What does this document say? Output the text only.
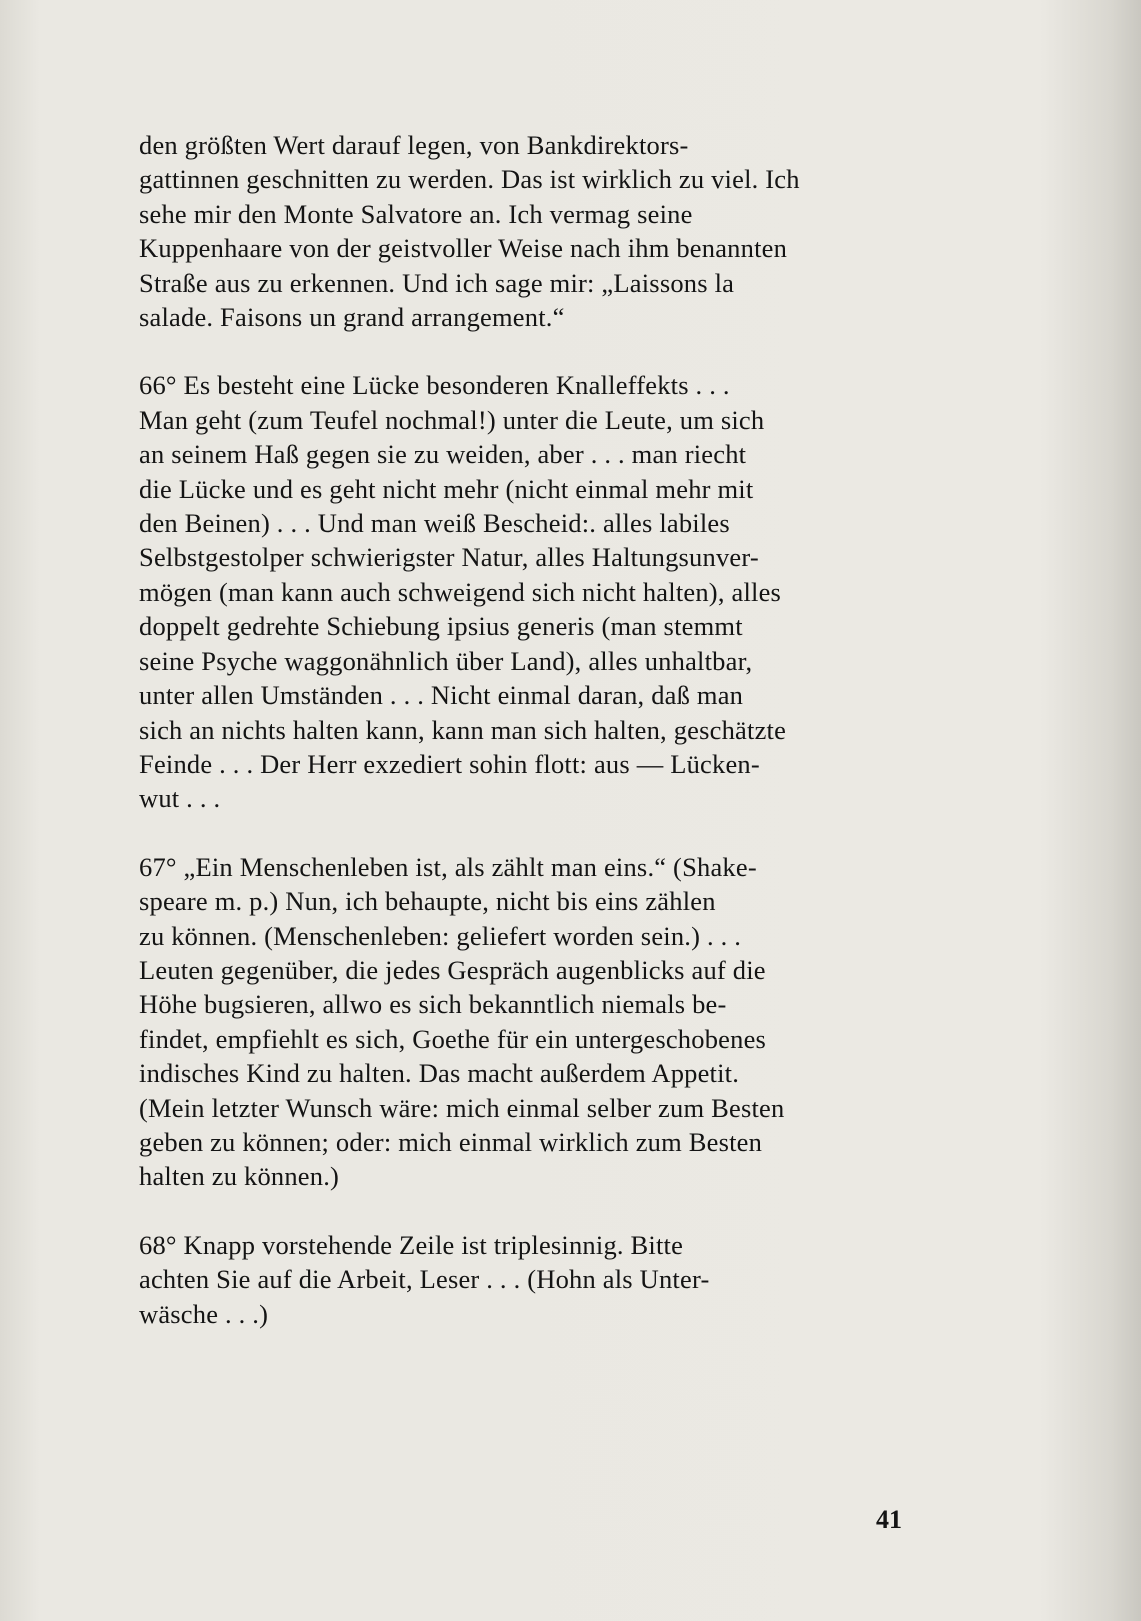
den größten Wert darauf legen, von Bankdirektors-
gattinnen geschnitten zu werden. Das ist wirklich zu viel. Ich
sehe mir den Monte Salvatore an. Ich vermag seine
Kuppenhaare von der geistvoller Weise nach ihm benannten
Straße aus zu erkennen. Und ich sage mir: „Laissons la
salade. Faisons un grand arrangement.“

66° Es besteht eine Lücke besonderen Knalleffekts . . .
Man geht (zum Teufel nochmal!) unter die Leute, um sich
an seinem Haß gegen sie zu weiden, aber . . . man riecht
die Lücke und es geht nicht mehr (nicht einmal mehr mit
den Beinen) . . . Und man weiß Bescheid:. alles labiles
Selbstgestolper schwierigster Natur, alles Haltungsunver-
mögen (man kann auch schweigend sich nicht halten), alles
doppelt gedrehte Schiebung ipsius generis (man stemmt
seine Psyche waggonähnlich über Land), alles unhaltbar,
unter allen Umständen . . . Nicht einmal daran, daß man
sich an nichts halten kann, kann man sich halten, geschätzte
Feinde . . . Der Herr exzediert sohin flott: aus — Lücken-
wut . . .

67° „Ein Menschenleben ist, als zählt man eins.“ (Shake-
speare m. p.) Nun, ich behaupte, nicht bis eins zählen
zu können. (Menschenleben: geliefert worden sein.) . . .
Leuten gegenüber, die jedes Gespräch augenblicks auf die
Höhe bugsieren, allwo es sich bekanntlich niemals be-
findet, empfiehlt es sich, Goethe für ein untergeschobenes
indisches Kind zu halten. Das macht außerdem Appetit.
(Mein letzter Wunsch wäre: mich einmal selber zum Besten
geben zu können; oder: mich einmal wirklich zum Besten
halten zu können.)

68° Knapp vorstehende Zeile ist triplesinnig. Bitte
achten Sie auf die Arbeit, Leser . . . (Hohn als Unter-
wäsche . . .)

41
